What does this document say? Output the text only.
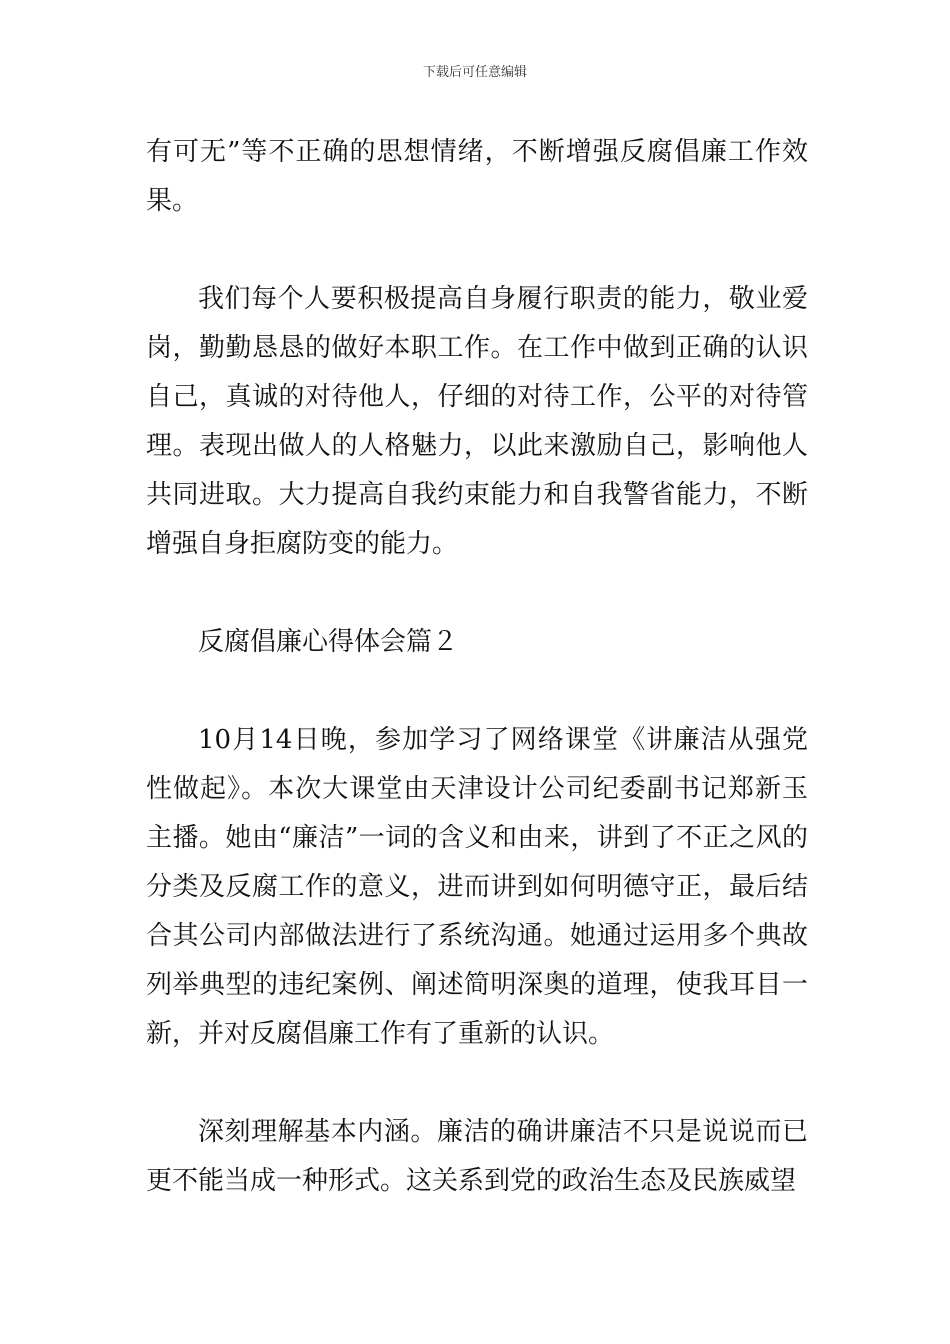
下载后可任意编辑

有可无”等不正确的思想情绪，不断增强反腐倡廉工作效果。

我们每个人要积极提高自身履行职责的能力，敬业爱岗，勤勤恳恳的做好本职工作。在工作中做到正确的认识自己，真诚的对待他人，仔细的对待工作，公平的对待管理。表现出做人的人格魅力，以此来激励自己，影响他人共同进取。大力提高自我约束能力和自我警省能力，不断增强自身拒腐防变的能力。

反腐倡廉心得体会篇２

10月14日晚，参加学习了网络课堂《讲廉洁从强党性做起》。本次大课堂由天津设计公司纪委副书记郑新玉主播。她由“廉洁”一词的含义和由来，讲到了不正之风的分类及反腐工作的意义，进而讲到如何明德守正，最后结合其公司内部做法进行了系统沟通。她通过运用多个典故列举典型的违纪案例、阐述简明深奥的道理，使我耳目一新，并对反腐倡廉工作有了重新的认识。

深刻理解基本内涵。廉洁的确讲廉洁不只是说说而已更不能当成一种形式。这关系到党的政治生态及民族威望
